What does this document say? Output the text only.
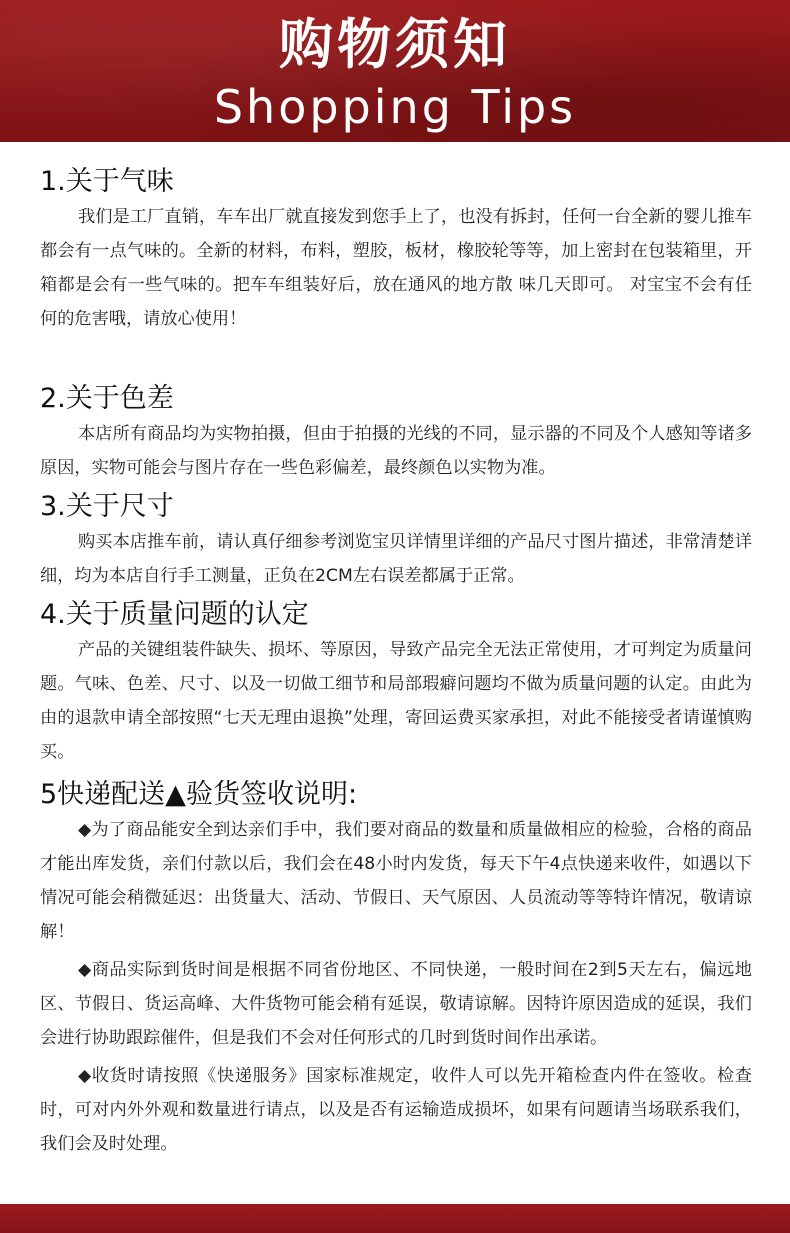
购物须知
Shopping Tips
1.关于气味

我们是工厂直销，车车出厂就直接发到您手上了，也没有拆封，任何一台全新的婴儿推车都会有一点气味的。全新的材料，布料，塑胶，板材，橡胶轮等等，加上密封在包装箱里，开箱都是会有一些气味的。把车车组装好后，放在通风的地方散 味几天即可。 对宝宝不会有任何的危害哦，请放心使用！

2.关于色差

本店所有商品均为实物拍摄，但由于拍摄的光线的不同，显示器的不同及个人感知等诸多原因，实物可能会与图片存在一些色彩偏差，最终颜色以实物为准。

3.关于尺寸

购买本店推车前，请认真仔细参考浏览宝贝详情里详细的产品尺寸图片描述，非常清楚详细，均为本店自行手工测量，正负在2CM左右误差都属于正常。

4.关于质量问题的认定

产品的关键组装件缺失、损坏、等原因，导致产品完全无法正常使用，才可判定为质量问题。气味、色差、尺寸、以及一切做工细节和局部瑕癖问题均不做为质量问题的认定。由此为由的退款申请全部按照“七天无理由退换”处理，寄回运费买家承担，对此不能接受者请谨慎购买。

5快递配送▲验货签收说明:

◆为了商品能安全到达亲们手中，我们要对商品的数量和质量做相应的检验，合格的商品才能出库发货，亲们付款以后，我们会在48小时内发货，每天下午4点快递来收件，如遇以下情况可能会稍微延迟：出货量大、活动、节假日、天气原因、人员流动等等特许情况，敬请谅解！

◆商品实际到货时间是根据不同省份地区、不同快递，一般时间在2到5天左右，偏远地区、节假日、货运高峰、大件货物可能会稍有延误，敬请谅解。因特许原因造成的延误，我们会进行协助跟踪催件，但是我们不会对任何形式的几时到货时间作出承诺。

◆收货时请按照《快递服务》国家标准规定，收件人可以先开箱检查内件在签收。检查时，可对内外外观和数量进行请点，以及是否有运输造成损坏，如果有问题请当场联系我们，我们会及时处理。
